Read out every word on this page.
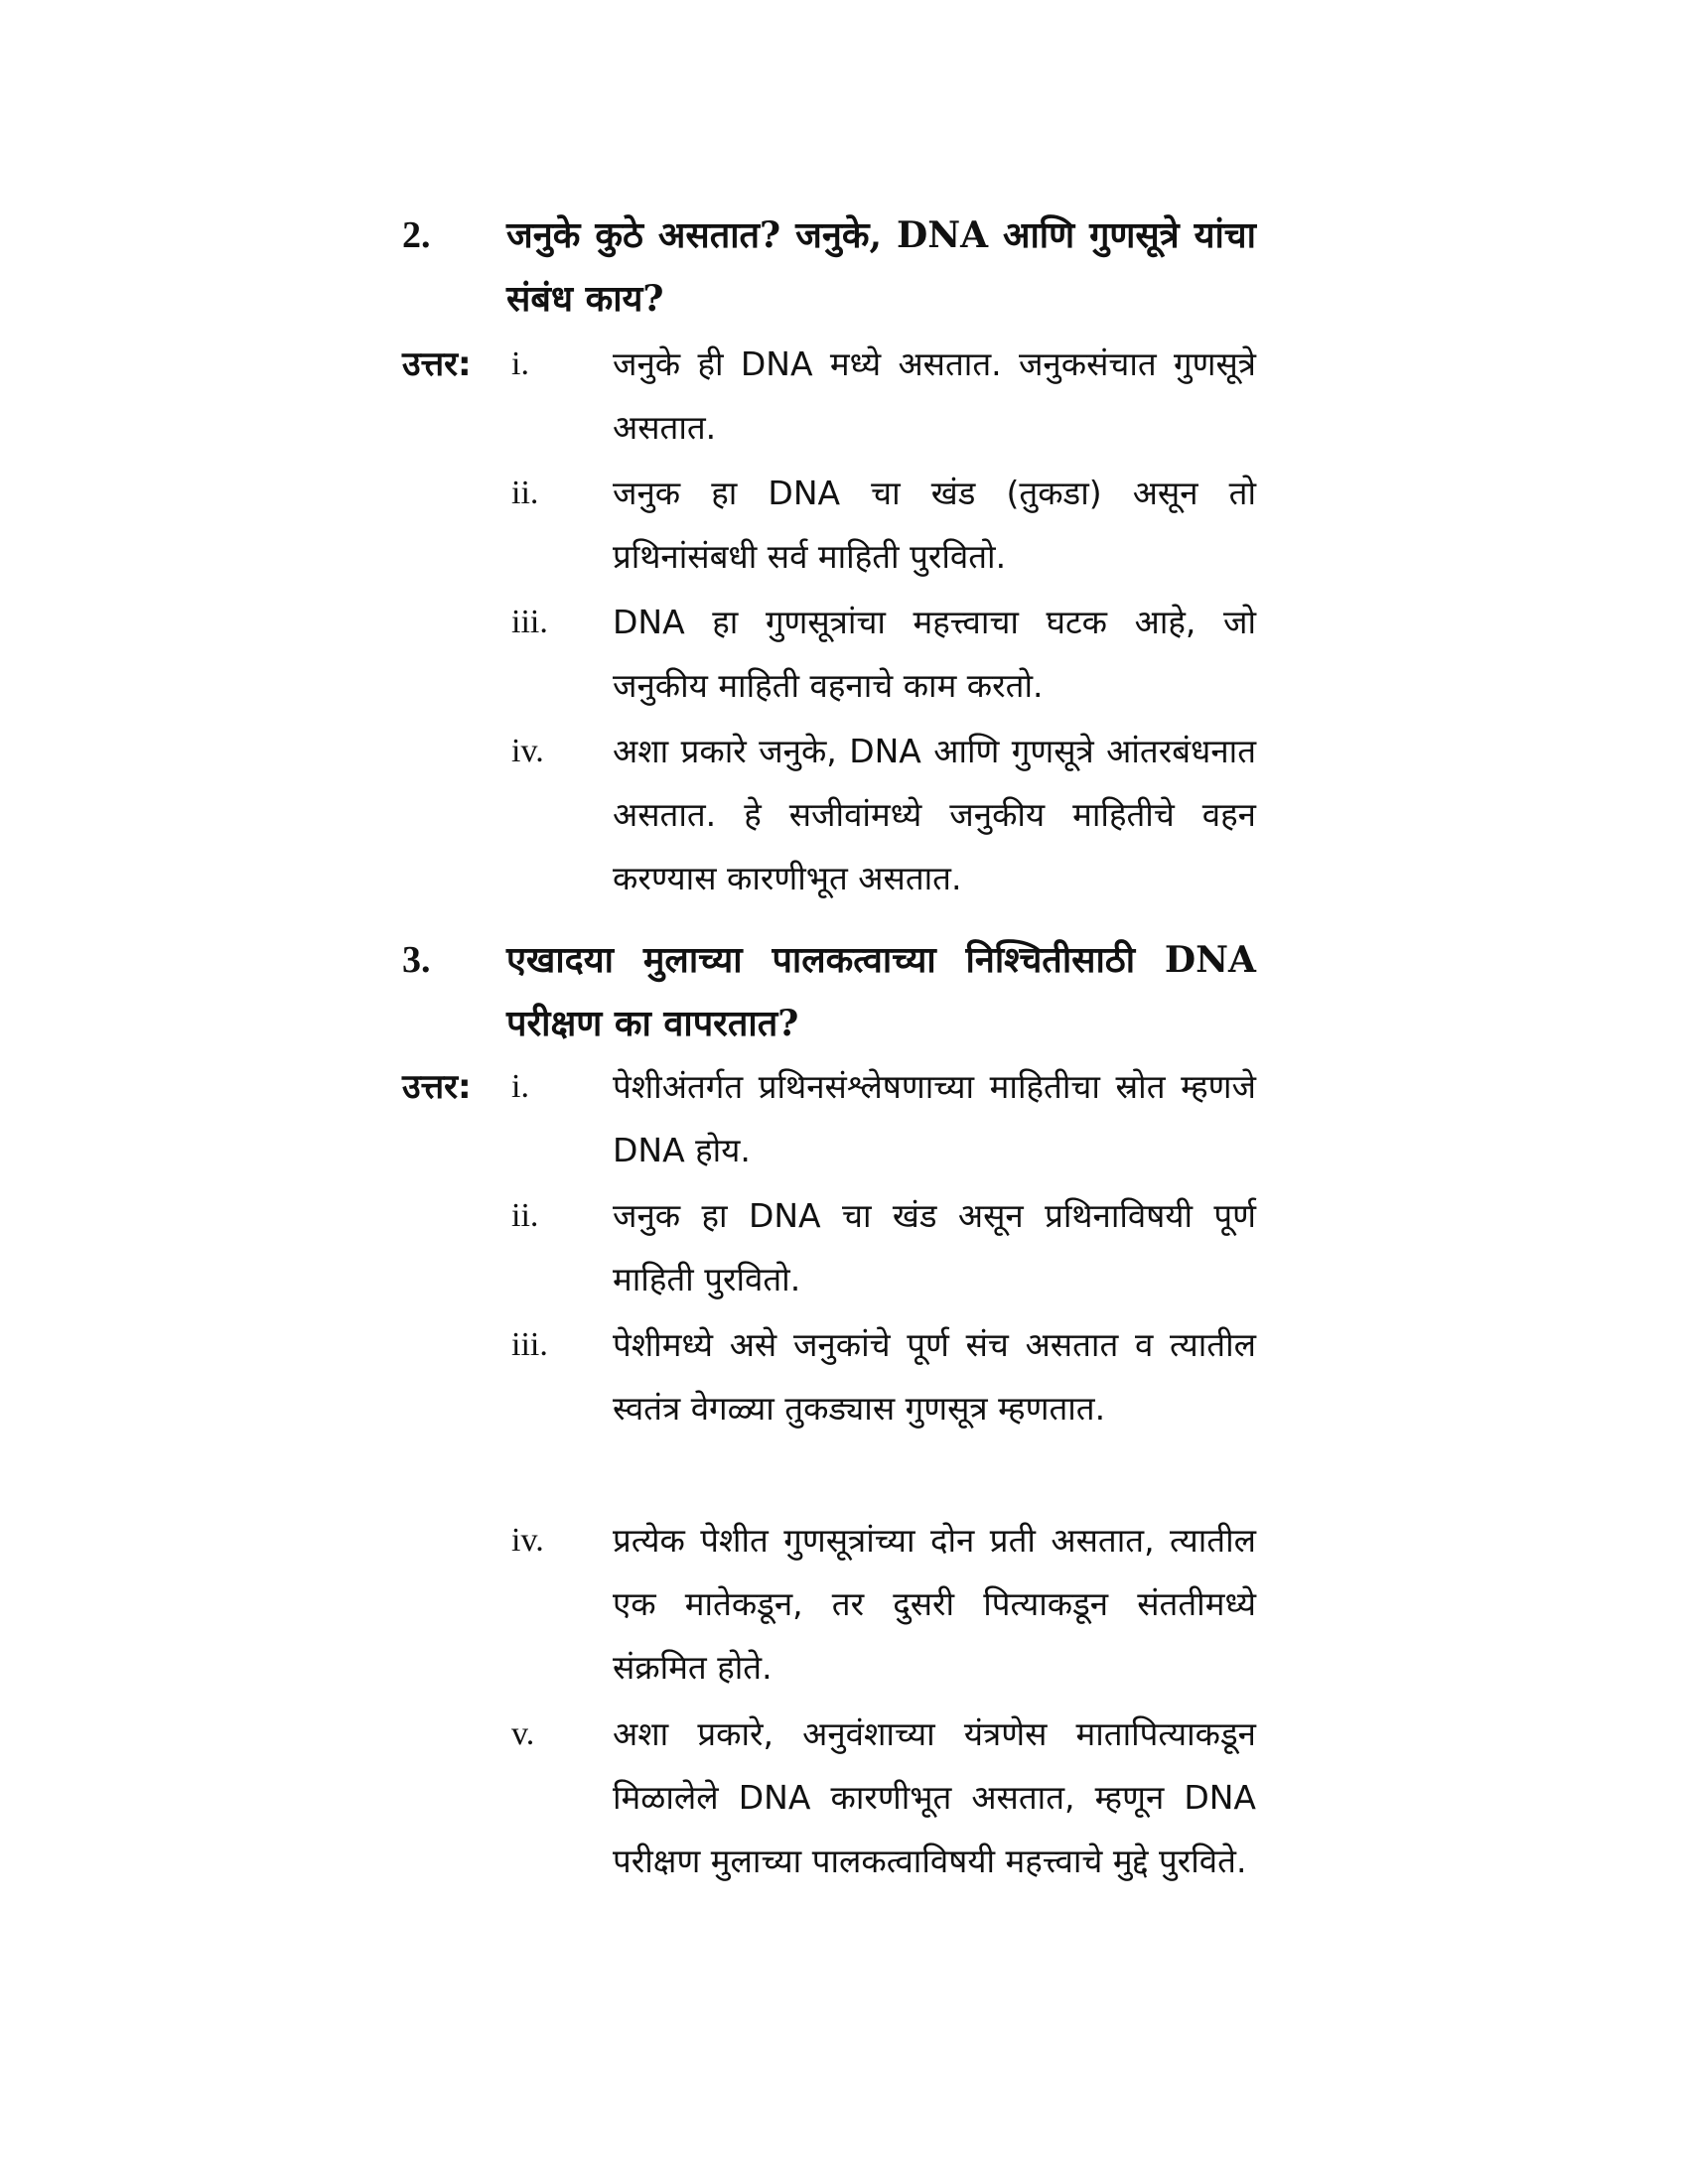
2. जनुके कुठे असतात? जनुके, DNA आणि गुणसूत्रे यांचा संबंध काय?
उत्तर: i.	जनुके ही DNA मध्ये असतात. जनुकसंचात गुणसूत्रे असतात.
ii. जनुक हा DNA चा खंड (तुकडा) असून तो प्रथिनांसंबधी सर्व माहिती पुरवितो.
iii. DNA हा गुणसूत्रांचा महत्त्वाचा घटक आहे, जो जनुकीय माहिती वहनाचे काम करतो.
iv. अशा प्रकारे जनुके, DNA आणि गुणसूत्रे आंतरबंधनात असतात. हे सजीवांमध्ये जनुकीय माहितीचे वहन करण्यास कारणीभूत असतात.
3. एखादया मुलाच्या पालकत्वाच्या निश्चितीसाठी DNA परीक्षण का वापरतात?
उत्तर: i.	पेशीअंतर्गत प्रथिनसंश्लेषणाच्या माहितीचा स्रोत म्हणजे DNA होय.
ii. जनुक हा DNA चा खंड असून प्रथिनाविषयी पूर्ण माहिती पुरवितो.
iii. पेशीमध्ये असे जनुकांचे पूर्ण संच असतात व त्यातील स्वतंत्र वेगळ्या तुकड्यास गुणसूत्र म्हणतात.
iv. प्रत्येक पेशीत गुणसूत्रांच्या दोन प्रती असतात, त्यातील एक मातेकडून, तर दुसरी पित्याकडून संततीमध्ये संक्रमित होते.
v. अशा प्रकारे, अनुवंशाच्या यंत्रणेस मातापित्याकडून मिळालेले DNA कारणीभूत असतात, म्हणून DNA परीक्षण मुलाच्या पालकत्वाविषयी महत्त्वाचे मुद्दे पुरविते.
